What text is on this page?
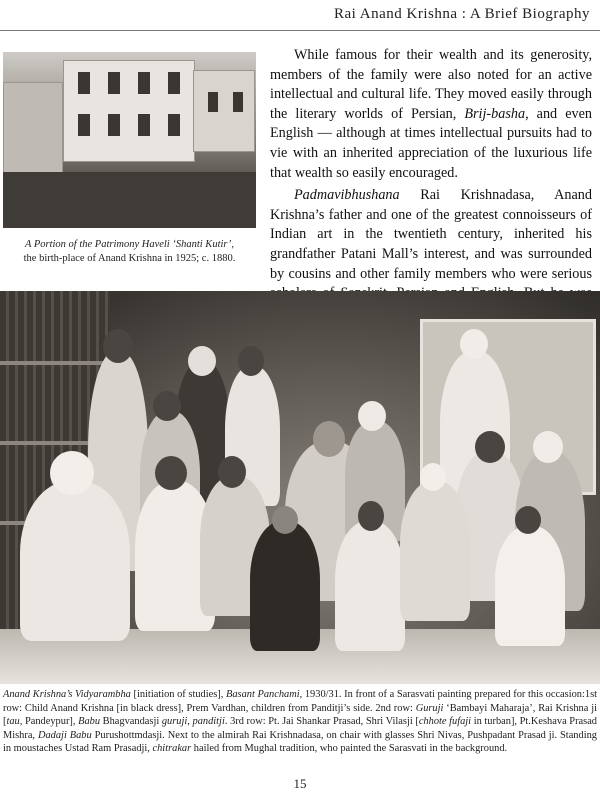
Rai Anand Krishna : A Brief Biography
A Portion of the Patrimony Haveli ‘Shanti Kutir’,
the birth-place of Anand Krishna in 1925; c. 1880.

While famous for their wealth and its generosity, members of the family were also noted for an active intellectual and cultural life. They moved easily through the literary worlds of Persian, Brij-basha, and even English — although at times intellectual pursuits had to vie with an inherited appreciation of the luxurious life that wealth so easily encouraged.

Padmavibhushana Rai Krishnadasa, Anand Krishna’s father and one of the greatest connoisseurs of Indian art in the twentieth century, inherited his grandfather Patani Mall’s interest, and was surrounded by cousins and other family members who were serious

Anand Krishna’s Vidyarambha [initiation of studies], Basant Panchami, 1930/31. In front of a Sarasvati painting prepared for this occasion:1st row: Child Anand Krishna [in black dress], Prem Vardhan, children from Panditji’s side. 2nd row: Guruji ‘Bambayi Maharaja’, Rai Krishna ji [tau, Pandeypur], Babu Bhagvandasji guruji, panditji. 3rd row: Pt. Jai Shankar Prasad, Shri Vilasji [chhote fufaji in turban], Pt.Keshava Prasad Mishra, Dadaji Babu Purushottmdasji. Next to the almirah Rai Krishnadasa, on chair with glasses Shri Nivas, Pushpadant Prasad ji. Standing in moustaches Ustad Ram Prasadji, chitrakar hailed from Mughal tradition, who painted the Sarasvati in the background.
15
